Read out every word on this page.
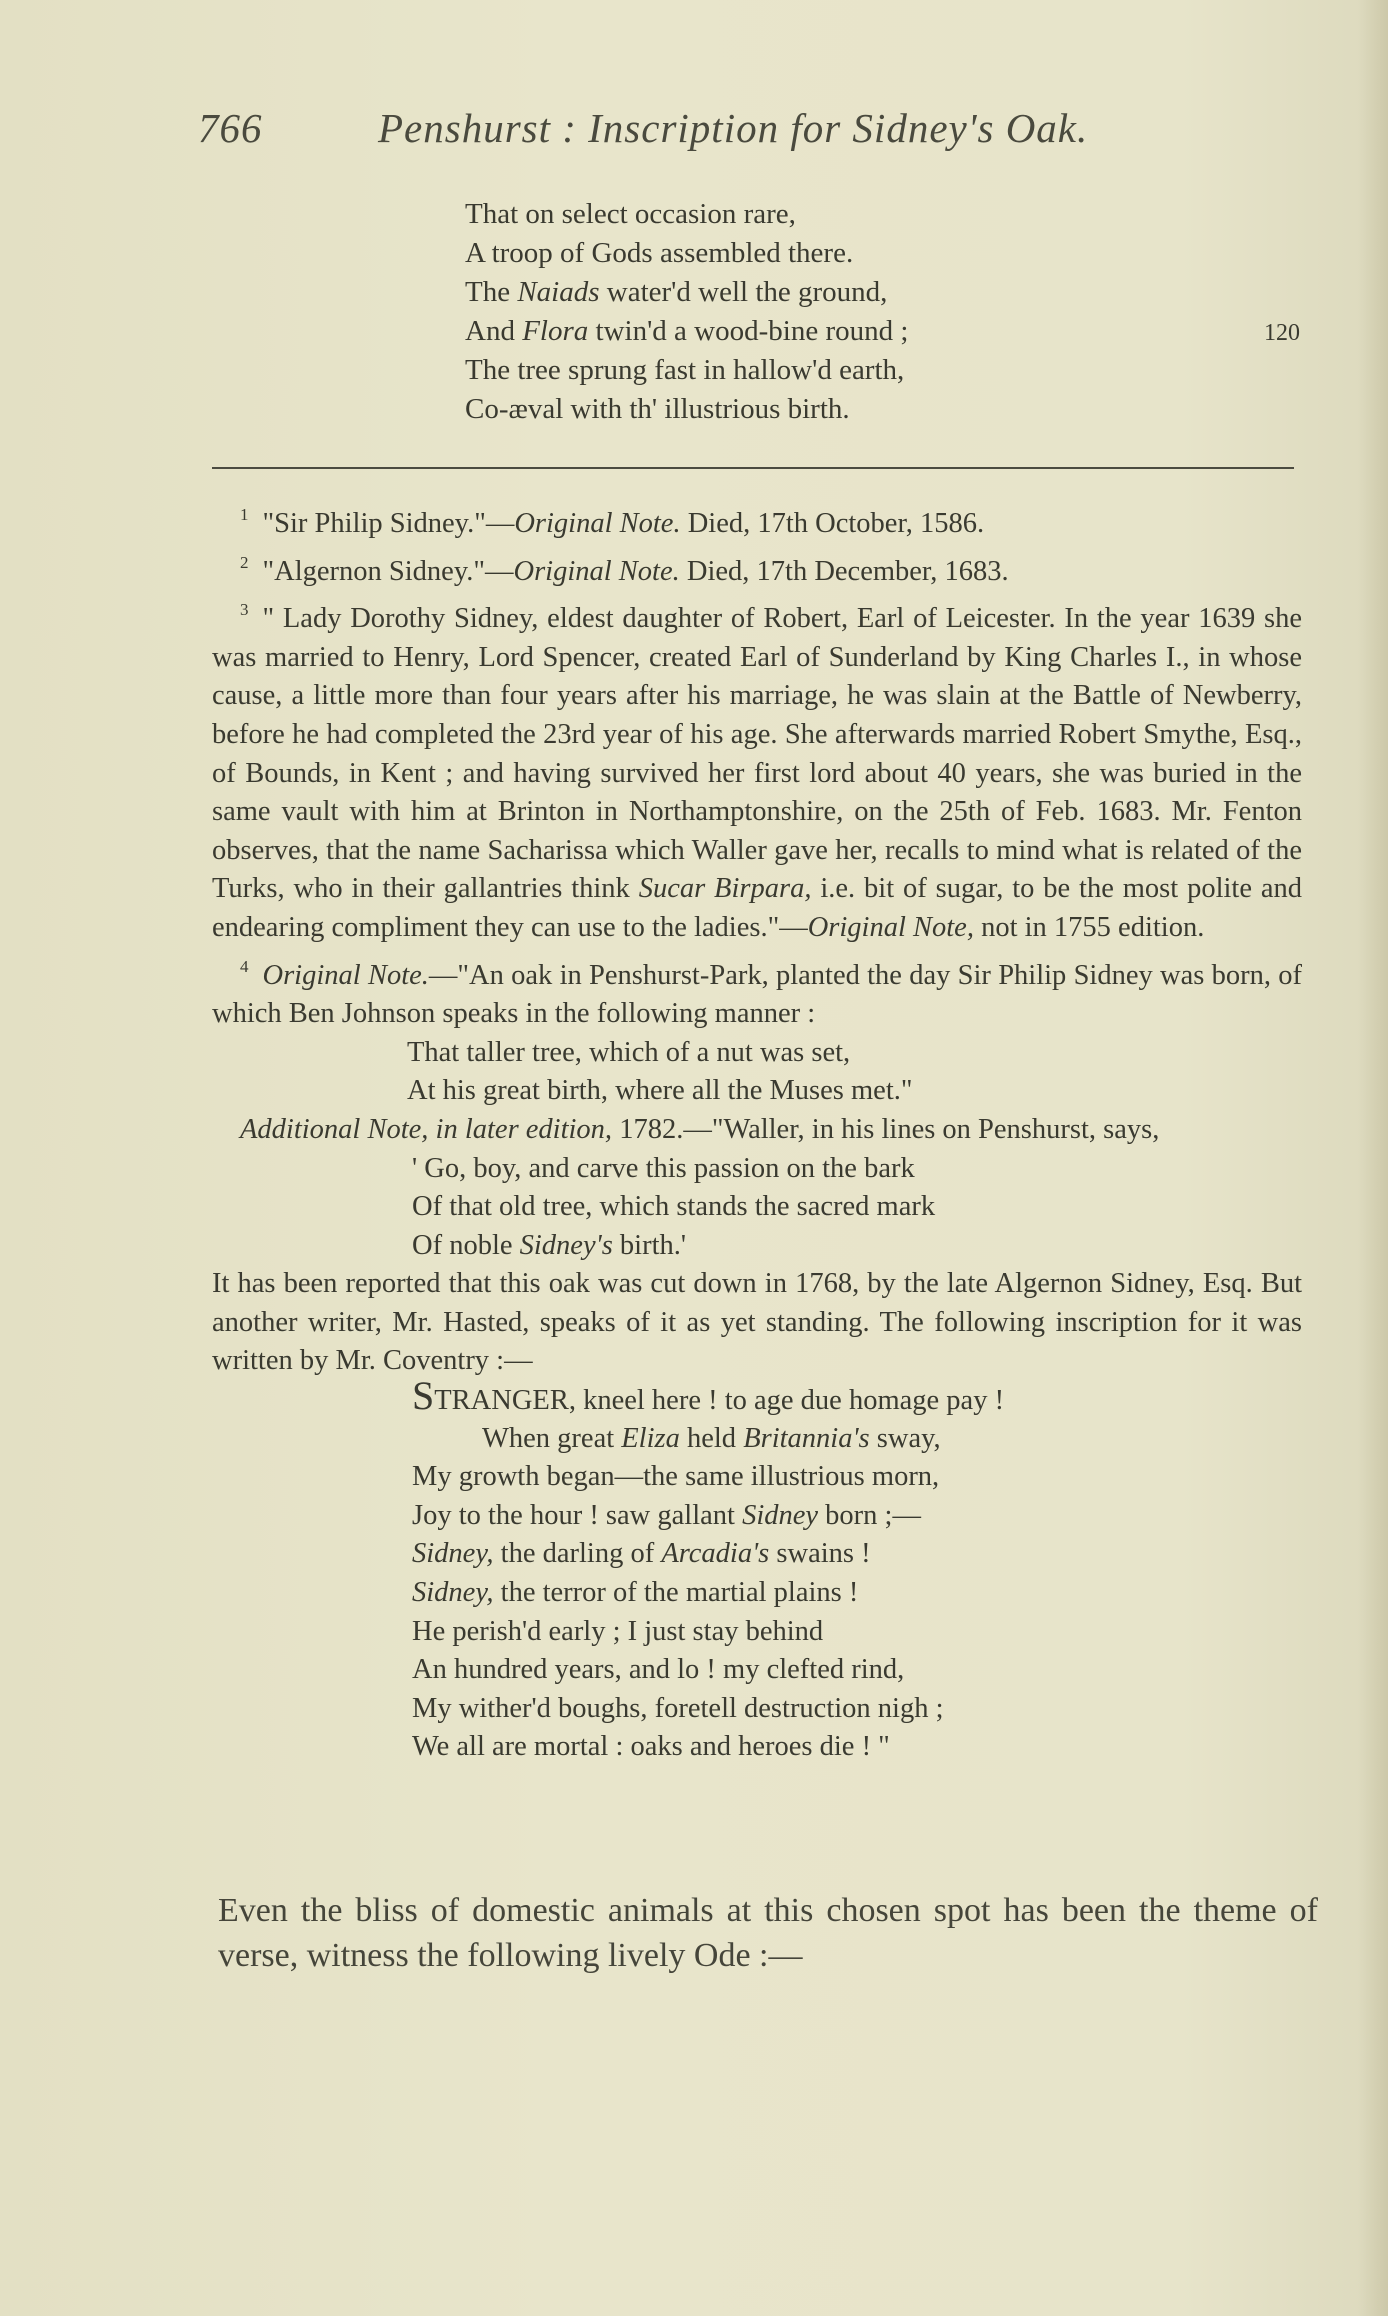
766	Penshurst : Inscription for Sidney's Oak.
That on select occasion rare,
A troop of Gods assembled there.
The Naiads water'd well the ground,
And Flora twin'd a wood-bine round ;	120
The tree sprung fast in hallow'd earth,
Co-æval with th' illustrious birth.
$^1$ "Sir Philip Sidney."—Original Note. Died, 17th October, 1586.
$^2$ "Algernon Sidney."—Original Note. Died, 17th December, 1683.
$^3$ " Lady Dorothy Sidney, eldest daughter of Robert, Earl of Leicester. In the year 1639 she was married to Henry, Lord Spencer, created Earl of Sunderland by King Charles I., in whose cause, a little more than four years after his marriage, he was slain at the Battle of Newberry, before he had completed the 23rd year of his age. She afterwards married Robert Smythe, Esq., of Bounds, in Kent ; and having survived her first lord about 40 years, she was buried in the same vault with him at Brinton in Northamptonshire, on the 25th of Feb. 1683. Mr. Fenton observes, that the name Sacharissa which Waller gave her, recalls to mind what is related of the Turks, who in their gallantries think Sucar Birpara, i.e. bit of sugar, to be the most polite and endearing compliment they can use to the ladies."—Original Note, not in 1755 edition.
$^4$ Original Note.—"An oak in Penshurst-Park, planted the day Sir Philip Sidney was born, of which Ben Johnson speaks in the following manner :
That taller tree, which of a nut was set,
At his great birth, where all the Muses met."
Additional Note, in later edition, 1782.—"Waller, in his lines on Penshurst, says,
' Go, boy, and carve this passion on the bark
Of that old tree, which stands the sacred mark
Of noble Sidney's birth.'
It has been reported that this oak was cut down in 1768, by the late Algernon Sidney, Esq. But another writer, Mr. Hasted, speaks of it as yet standing. The following inscription for it was written by Mr. Coventry :—
STRANGER, kneel here ! to age due homage pay !
When great Eliza held Britannia's sway,
My growth began—the same illustrious morn,
Joy to the hour ! saw gallant Sidney born ;—
Sidney, the darling of Arcadia's swains !
Sidney, the terror of the martial plains !
He perish'd early ; I just stay behind
An hundred years, and lo ! my clefted rind,
My wither'd boughs, foretell destruction nigh ;
We all are mortal : oaks and heroes die ! "
Even the bliss of domestic animals at this chosen spot has been the theme of verse, witness the following lively Ode :—
